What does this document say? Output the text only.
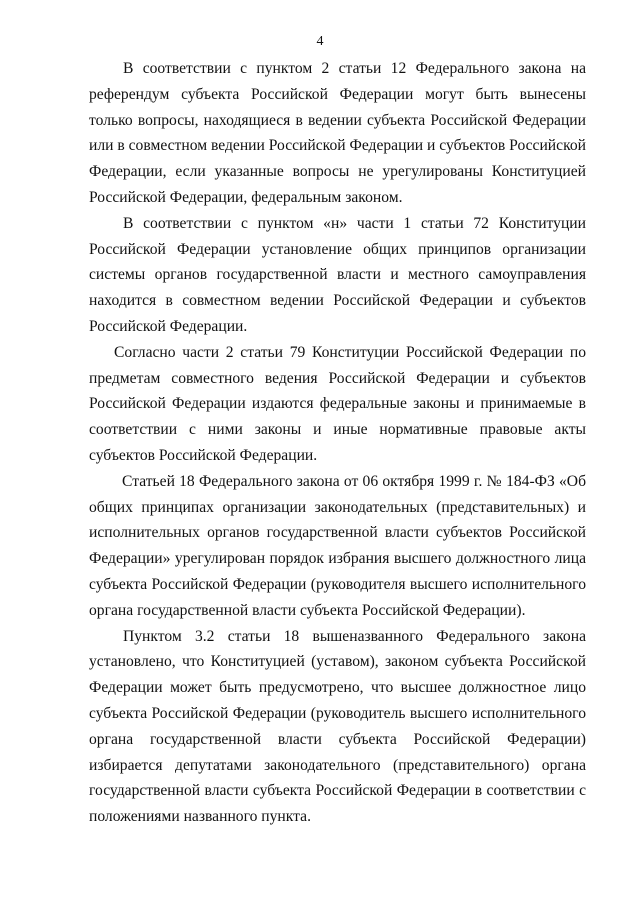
4

В соответствии с пунктом 2 статьи 12 Федерального закона на референдум субъекта Российской Федерации могут быть вынесены только вопросы, находящиеся в ведении субъекта Российской Федерации или в совместном ведении Российской Федерации и субъектов Российской Федерации, если указанные вопросы не урегулированы Конституцией Российской Федерации, федеральным законом.

В соответствии с пунктом «н» части 1 статьи 72 Конституции Российской Федерации установление общих принципов организации системы органов государственной власти и местного самоуправления находится в совместном ведении Российской Федерации и субъектов Российской Федерации.

Согласно части 2 статьи 79 Конституции Российской Федерации по предметам совместного ведения Российской Федерации и субъектов Российской Федерации издаются федеральные законы и принимаемые в соответствии с ними законы и иные нормативные правовые акты субъектов Российской Федерации.

Статьей 18 Федерального закона от 06 октября 1999 г. № 184-ФЗ «Об общих принципах организации законодательных (представительных) и исполнительных органов государственной власти субъектов Российской Федерации» урегулирован порядок избрания высшего должностного лица субъекта Российской Федерации (руководителя высшего исполнительного органа государственной власти субъекта Российской Федерации).

Пунктом 3.2 статьи 18 вышеназванного Федерального закона установлено, что Конституцией (уставом), законом субъекта Российской Федерации может быть предусмотрено, что высшее должностное лицо субъекта Российской Федерации (руководитель высшего исполнительного органа государственной власти субъекта Российской Федерации) избирается депутатами законодательного (представительного) органа государственной власти субъекта Российской Федерации в соответствии с положениями названного пункта.
